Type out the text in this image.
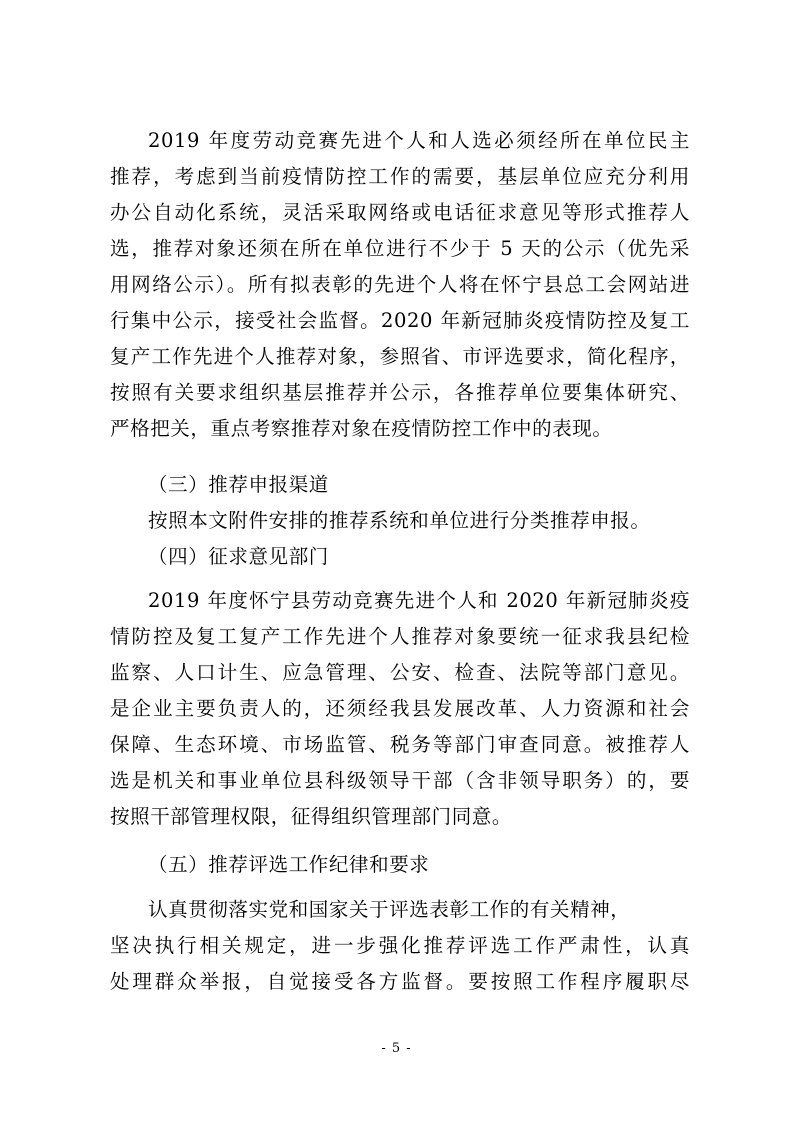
2019 年度劳动竞赛先进个人和人选必须经所在单位民主
推荐，考虑到当前疫情防控工作的需要，基层单位应充分利用
办公自动化系统，灵活采取网络或电话征求意见等形式推荐人
选，推荐对象还须在所在单位进行不少于 5 天的公示（优先采
用网络公示）。所有拟表彰的先进个人将在怀宁县总工会网站进
行集中公示，接受社会监督。2020 年新冠肺炎疫情防控及复工
复产工作先进个人推荐对象，参照省、市评选要求，简化程序，
按照有关要求组织基层推荐并公示，各推荐单位要集体研究、
严格把关，重点考察推荐对象在疫情防控工作中的表现。
（三）推荐申报渠道
按照本文附件安排的推荐系统和单位进行分类推荐申报。
（四）征求意见部门
2019 年度怀宁县劳动竞赛先进个人和 2020 年新冠肺炎疫
情防控及复工复产工作先进个人推荐对象要统一征求我县纪检
监察、人口计生、应急管理、公安、检查、法院等部门意见。
是企业主要负责人的，还须经我县发展改革、人力资源和社会
保障、生态环境、市场监管、税务等部门审查同意。被推荐人
选是机关和事业单位县科级领导干部（含非领导职务）的，要
按照干部管理权限，征得组织管理部门同意。
（五）推荐评选工作纪律和要求
认真贯彻落实党和国家关于评选表彰工作的有关精神，
坚决执行相关规定，进一步强化推荐评选工作严肃性，认真
处理群众举报，自觉接受各方监督。要按照工作程序履职尽
- 5 -
